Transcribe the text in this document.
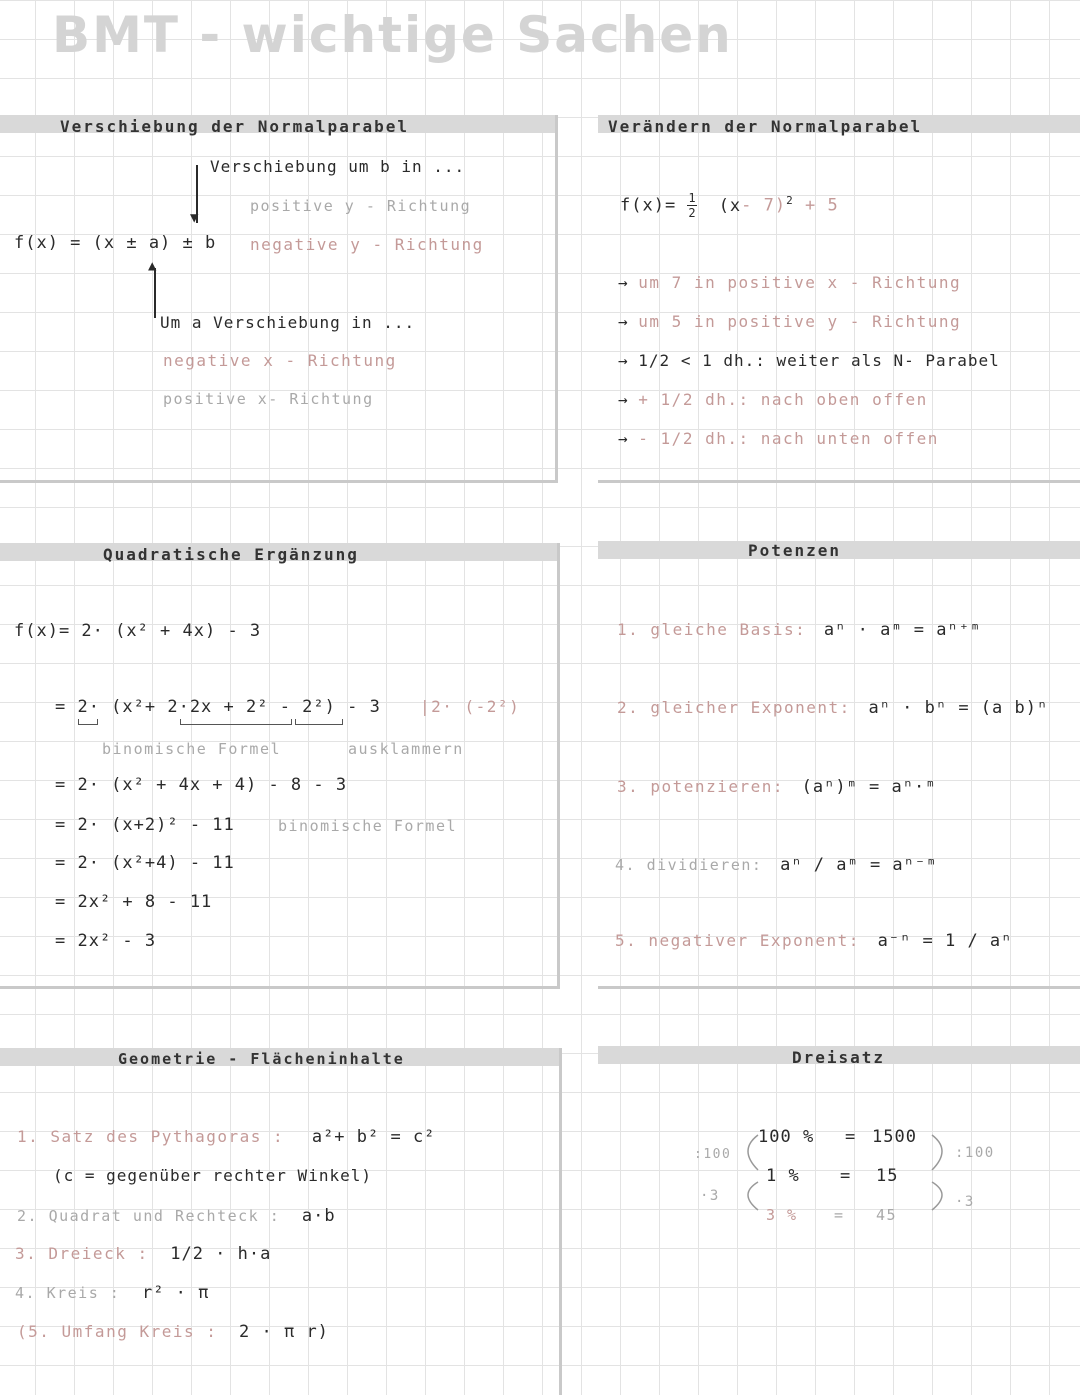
BMT - wichtige Sachen
Verschiebung der Normalparabel
Verschiebung um b in ...
▼
positive y - Richtung
negative y - Richtung
f(x) = (x ± a) ± b
▲
Um a Verschiebung in ...
negative x - Richtung
positive x- Richtung
Verändern der Normalparabel
$f(x)= \frac{1}{2} (x-$ 7)$^2$ + 5
→ um 7 in positive x - Richtung
→ um 5 in positive y - Richtung
→ 1/2 < 1 dh.: weiter als N- Parabel
→ + 1/2 dh.: nach oben offen
→ - 1/2 dh.: nach unten offen
Quadratische Ergänzung
f(x)= 2· (x² + 4x) - 3
= 2· (x²+ 2·2x + 2² - 2²) - 3 |2· (-2²)
binomische Formel	ausklammern
= 2· (x² + 4x + 4) - 8 - 3
= 2· (x+2)² - 11	binomische Formel
= 2· (x²+4) - 11
= 2x² + 8 - 11
= 2x² - 3
Potenzen
1. gleiche Basis: aⁿ · aᵐ = aⁿ⁺ᵐ
2. gleicher Exponent: aⁿ · bⁿ = (a b)ⁿ
3. potenzieren: (aⁿ)ᵐ = aⁿ·ᵐ
4. dividieren: aⁿ / aᵐ = aⁿ⁻ᵐ
5. negativer Exponent: a⁻ⁿ = 1 / aⁿ
Geometrie - Flächeninhalte
1. Satz des Pythagoras : a²+ b² = c²
(c = gegenüber rechter Winkel)
2. Quadrat und Rechteck : a·b
3. Dreieck : 1/2 · h·a
4. Kreis : r² · π
(5. Umfang Kreis : 2 · π r)
Dreisatz
100 % = 1500
1 % = 15
3 % = 45
:100
·3
:100
·3
